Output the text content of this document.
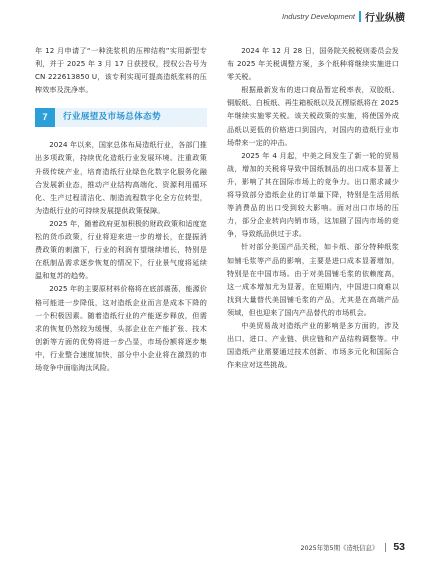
Industry Development 行业纵横

年 12 月申请了“一种洗浆机的压榨结构”实用新型专利，并于 2025 年 3 月 17 日获授权，授权公告号为 CN 222613850 U，该专利实现可提高造纸浆料的压榨效率及洗净率。

7	行业展望及市场总体态势

2024 年以来，国家总体布局造纸行业，各部门推出多项政策，持续优化造纸行业发展环境。注重政策升级传统产业，培育造纸行业绿色化数字化服务化融合发展新业态，推动产业结构高端化、资源利用循环化、生产过程清洁化、制造流程数字化全方位转型，为造纸行业的可持续发展提供政策保障。

2025 年，随着政府更加积极的财政政策和适度宽松的货币政策，行业将迎来进一步的增长，在提振消费政策的刺激下，行业的利润有望继续增长，特别是在纸制品需求逐步恢复的情况下，行业景气度将延续温和复苏的趋势。

2025 年的主要原材料价格将在底部震荡，能源价格可能进一步降低，这对造纸企业而言是成本下降的一个积极因素。随着造纸行业的产能逐步释放，但需求的恢复仍然较为缓慢，头部企业在产能扩张、技术创新等方面的优势将进一步凸显，市场份额将逐步集中，行业整合速度加快，部分中小企业将在激烈的市场竞争中面临淘汰风险。

2024 年 12 月 28 日，国务院关税税则委员会发布 2025 年关税调整方案，多个纸种将继续实施进口零关税。

根据最新发布的进口商品暂定税率表，双胶纸、铜版纸、白板纸、再生箱板纸以及瓦楞原纸将在 2025 年继续实施零关税。该关税政策的实施，将使国外成品纸以更低的价格进口到国内，对国内的造纸行业市场带来一定的冲击。

2025 年 4 月起，中美之间发生了新一轮的贸易战，增加的关税将导致中国纸制品的出口成本显著上升，影响了其在国际市场上的竞争力。出口需求减少将导致部分造纸企业的订单量下降，特别是生活用纸等消费品的出口受到较大影响。面对出口市场的压力，部分企业转向内销市场，这加剧了国内市场的竞争，导致纸品供过于求。

针对部分美国产品关税，如卡纸、部分特种纸浆如铺毛浆等产品的影响，主要是进口成本显著增加，特别是在中国市场。由于对美国铺毛浆的依赖度高，这一成本增加尤为显著，在短期内，中国进口商难以找到大量替代美国铺毛浆的产品，尤其是在高端产品领域，但也迎来了国内产品替代的市场机会。

中美贸易战对造纸产业的影响是多方面的，涉及出口、进口、产业链、供应链和产品结构调整等。中国造纸产业需要通过技术创新、市场多元化和国际合作来应对这些挑战。

2025年第5期《造纸信息》 53
